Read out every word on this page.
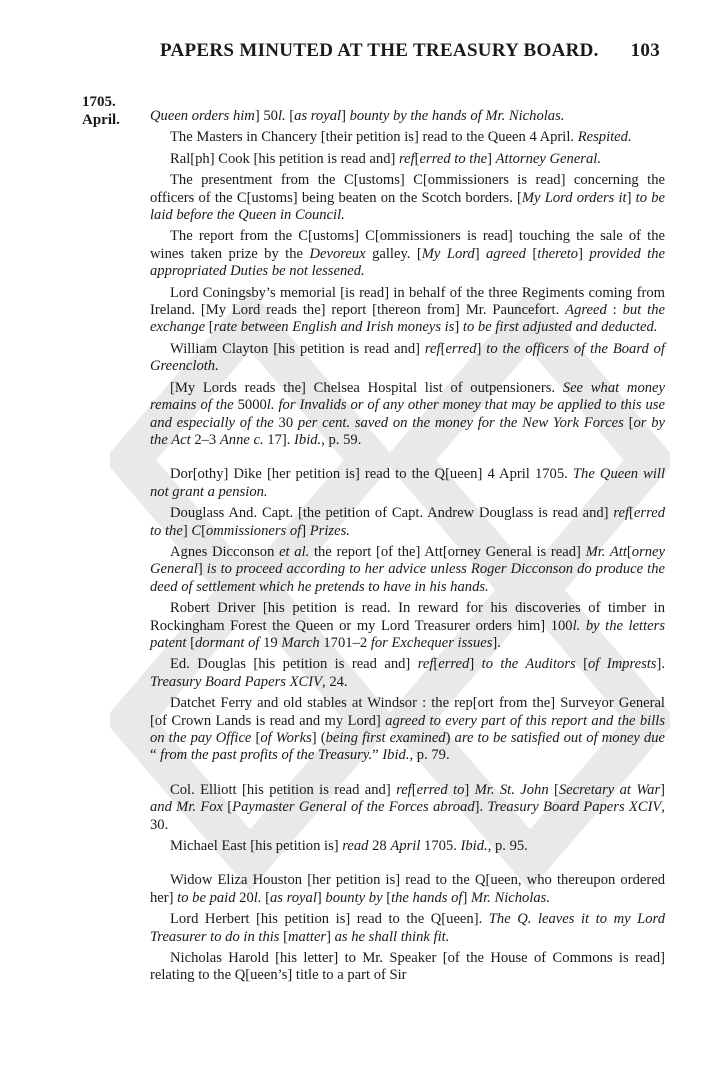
PAPERS MINUTED AT THE TREASURY BOARD. 103
1705.
April. Queen orders him] 50l. [as royal] bounty by the hands of Mr. Nicholas.

The Masters in Chancery [their petition is] read to the Queen 4 April. Respited.

Ral[ph] Cook [his petition is read and] ref[erred to the] Attorney General.

The presentment from the C[ustoms] C[ommissioners is read] concerning the officers of the C[ustoms] being beaten on the Scotch borders. [My Lord orders it] to be laid before the Queen in Council.

The report from the C[ustoms] C[ommissioners is read] touching the sale of the wines taken prize by the Devoreux galley. [My Lord] agreed [thereto] provided the appropriated Duties be not lessened.

Lord Coningsby’s memorial [is read] in behalf of the three Regiments coming from Ireland. [My Lord reads the] report [thereon from] Mr. Pauncefort. Agreed : but the exchange [rate between English and Irish moneys is] to be first adjusted and deducted.

William Clayton [his petition is read and] ref[erred] to the officers of the Board of Greencloth.

[My Lords reads the] Chelsea Hospital list of outpensioners. See what money remains of the 5000l. for Invalids or of any other money that may be applied to this use and especially of the 30 per cent. saved on the money for the New York Forces [or by the Act 2–3 Anne c. 17]. Ibid., p. 59.

Dor[othy] Dike [her petition is] read to the Q[ueen] 4 April 1705. The Queen will not grant a pension.

Douglass And. Capt. [the petition of Capt. Andrew Douglass is read and] ref[erred to the] C[ommissioners of] Prizes.

Agnes Dicconson et al. the report [of the] Att[orney General is read] Mr. Att[orney General] is to proceed according to her advice unless Roger Dicconson do produce the deed of settlement which he pretends to have in his hands.

Robert Driver [his petition is read. In reward for his discoveries of timber in Rockingham Forest the Queen or my Lord Treasurer orders him] 100l. by the letters patent [dormant of 19 March 1701–2 for Exchequer issues].

Ed. Douglas [his petition is read and] ref[erred] to the Auditors [of Imprests]. Treasury Board Papers XCIV, 24.

Datchet Ferry and old stables at Windsor : the rep[ort from the] Surveyor General [of Crown Lands is read and my Lord] agreed to every part of this report and the bills on the pay Office [of Works] (being first examined) are to be satisfied out of money due “ from the past profits of the Treasury.” Ibid., p. 79.

Col. Elliott [his petition is read and] ref[erred to] Mr. St. John [Secretary at War] and Mr. Fox [Paymaster General of the Forces abroad]. Treasury Board Papers XCIV, 30.

Michael East [his petition is] read 28 April 1705. Ibid., p. 95.

Widow Eliza Houston [her petition is] read to the Q[ueen, who thereupon ordered her] to be paid 20l. [as royal] bounty by [the hands of] Mr. Nicholas.

Lord Herbert [his petition is] read to the Q[ueen]. The Q. leaves it to my Lord Treasurer to do in this [matter] as he shall think fit.

Nicholas Harold [his letter] to Mr. Speaker [of the House of Commons is read] relating to the Q[ueen’s] title to a part of Sir
